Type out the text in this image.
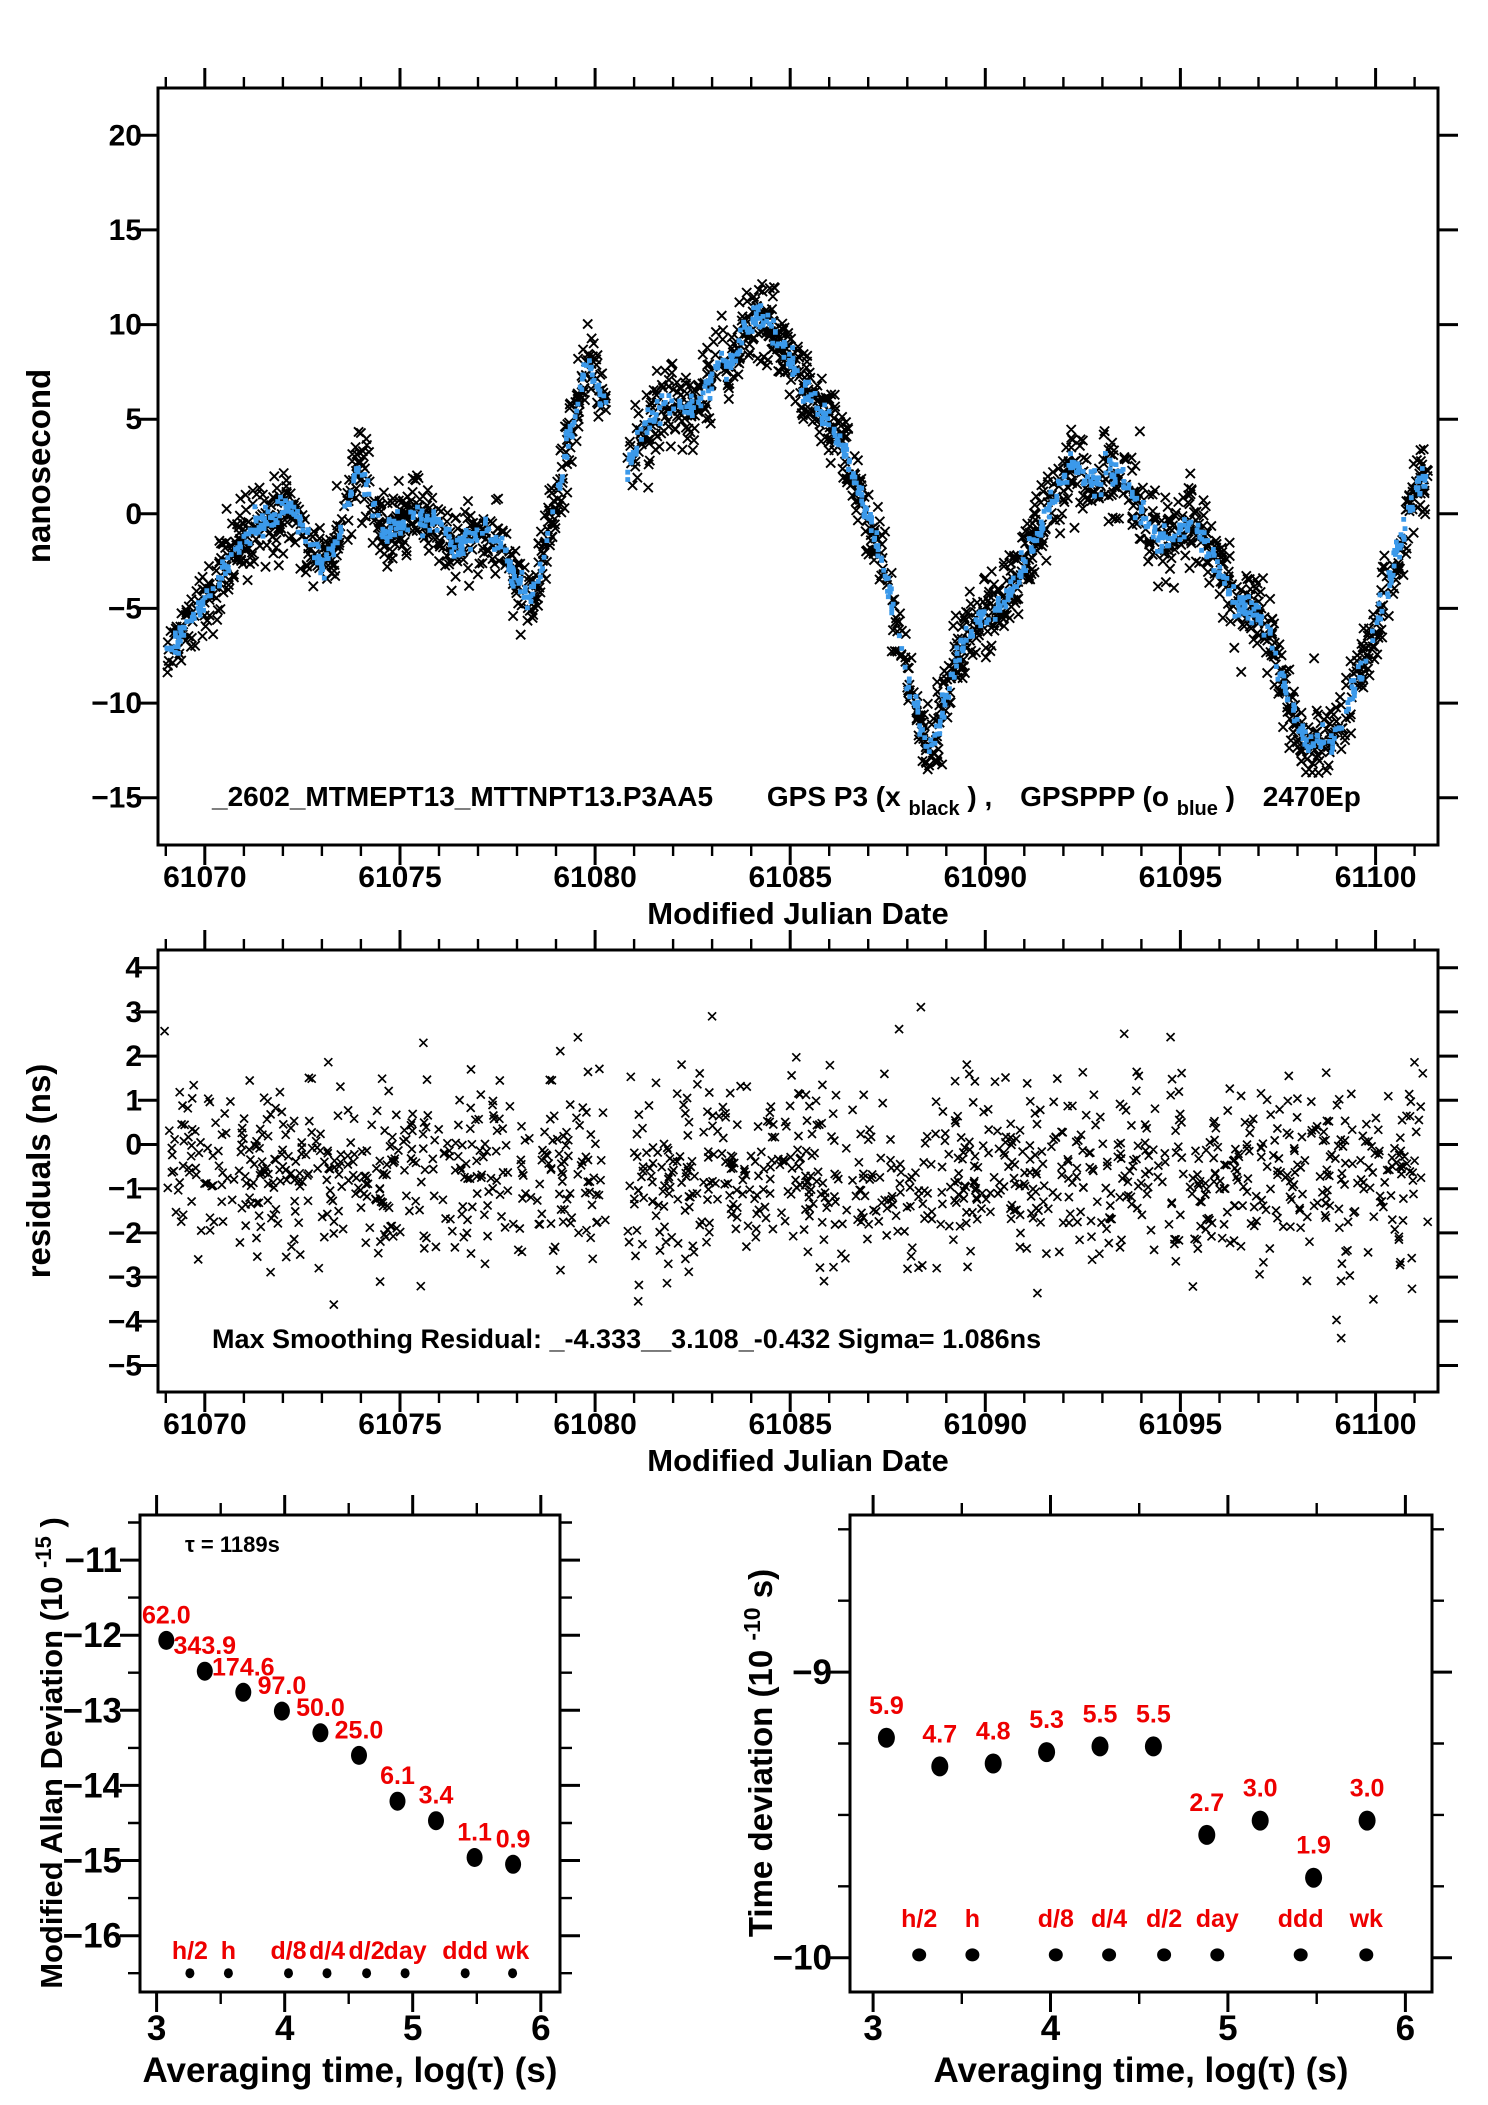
61070	61075	61080	61085	61090	61095	61100
−15
−10
−5
0
5
10
15
20
61070	61075	61080	61085	61090	61095	61100
−5
−4
−3
−2
−1
0
1
2
3
4
3	4	5	6
−16
−15
−14
−13
−12
−11
62.0
343.9
174.6
97.0
50.0
25.0
6.1
3.4
1.1 0.9
h/2 h d/8 d/4 d/2
day ddd wk
3	4	5	6
−10
−9
5.9
4.7 4.8 5.3 5.5 5.5
2.7
3.0
1.9
3.0
h/2 h d/8 d/4 d/2 day ddd wk
nanosecond
Modified Julian Date
_2602_MTMEPT13_MTTNPT13.P3AA5 GPS P3 (x $_{black}$ ) , GPSPPP (o $_{blue}$ ) 2470Ep
residuals (ns)
Modified Julian Date
Max Smoothing Residual: _-4.333__3.108_-0.432 Sigma= 1.086ns
Modified Allan Deviation (10 $^{-15}$ )
Averaging time, log(τ) (s)
τ = 1189s
Time deviation (10 $^{-10}$ s)
Averaging time, log(τ) (s)
